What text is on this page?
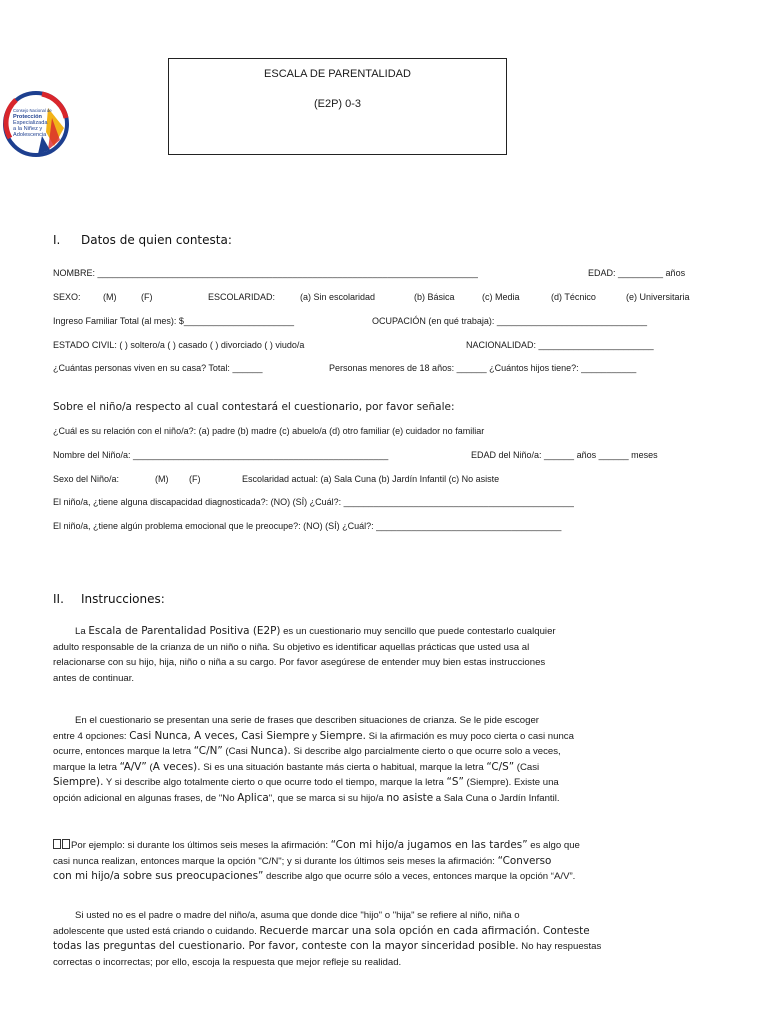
Consejo Nacional de
Protección
Especializada
a la Niñez y
Adolescencia
ESCALA DE PARENTALIDAD
(E2P) 0-3
I. Datos de quien contesta:
NOMBRE: ____________________________________________________________________________	EDAD: _________ años
SEXO: (M)	(F)	ESCOLARIDAD:	(a) Sin escolaridad	(b) Básica	(c) Media	(d) Técnico	(e) Universitaria
Ingreso Familiar Total (al mes): $______________________	OCUPACIÓN (en qué trabaja): ______________________________
ESTADO CIVIL: ( ) soltero/a ( ) casado ( ) divorciado ( ) viudo/a	NACIONALIDAD: _______________________
¿Cuántas personas viven en su casa? Total: ______	Personas menores de 18 años: ______ ¿Cuántos hijos tiene?: ___________
Sobre el niño/a respecto al cual contestará el cuestionario, por favor señale:
¿Cuál es su relación con el niño/a?: (a) padre (b) madre (c) abuelo/a (d) otro familiar (e) cuidador no familiar
Nombre del Niño/a: ___________________________________________________	EDAD del Niño/a: ______ años ______ meses
Sexo del Niño/a:	(M) (F)	Escolaridad actual: (a) Sala Cuna (b) Jardín Infantil (c) No asiste
El niño/a, ¿tiene alguna discapacidad diagnosticada?: (NO) (SÍ) ¿Cuál?: ______________________________________________
El niño/a, ¿tiene algún problema emocional que le preocupe?: (NO) (SÍ) ¿Cuál?: _____________________________________
II. Instrucciones:
La Escala de Parentalidad Positiva (E2P) es un cuestionario muy sencillo que puede contestarlo cualquier
adulto responsable de la crianza de un niño o niña. Su objetivo es identificar aquellas prácticas que usted usa al
relacionarse con su hijo, hija, niño o niña a su cargo. Por favor asegúrese de entender muy bien estas instrucciones
antes de continuar.
En el cuestionario se presentan una serie de frases que describen situaciones de crianza. Se le pide escoger
entre 4 opciones: Casi Nunca, A veces, Casi Siempre y Siempre. Si la afirmación es muy poco cierta o casi nunca
ocurre, entonces marque la letra “C/N” (Casi Nunca). Si describe algo parcialmente cierto o que ocurre solo a veces,
marque la letra “A/V” (A veces). Si es una situación bastante más cierta o habitual, marque la letra “C/S” (Casi
Siempre). Y si describe algo totalmente cierto o que ocurre todo el tiempo, marque la letra “S” (Siempre). Existe una
opción adicional en algunas frases, de "No Aplica", que se marca si su hijo/a no asiste a Sala Cuna o Jardín Infantil.
Por ejemplo: si durante los últimos seis meses la afirmación: “Con mi hijo/a jugamos en las tardes” es algo que
casi nunca realizan, entonces marque la opción "C/N"; y si durante los últimos seis meses la afirmación: “Converso
con mi hijo/a sobre sus preocupaciones” describe algo que ocurre sólo a veces, entonces marque la opción “A/V”.
Si usted no es el padre o madre del niño/a, asuma que donde dice "hijo" o "hija" se refiere al niño, niña o
adolescente que usted está criando o cuidando. Recuerde marcar una sola opción en cada afirmación. Conteste
todas las preguntas del cuestionario. Por favor, conteste con la mayor sinceridad posible. No hay respuestas
correctas o incorrectas; por ello, escoja la respuesta que mejor refleje su realidad.
